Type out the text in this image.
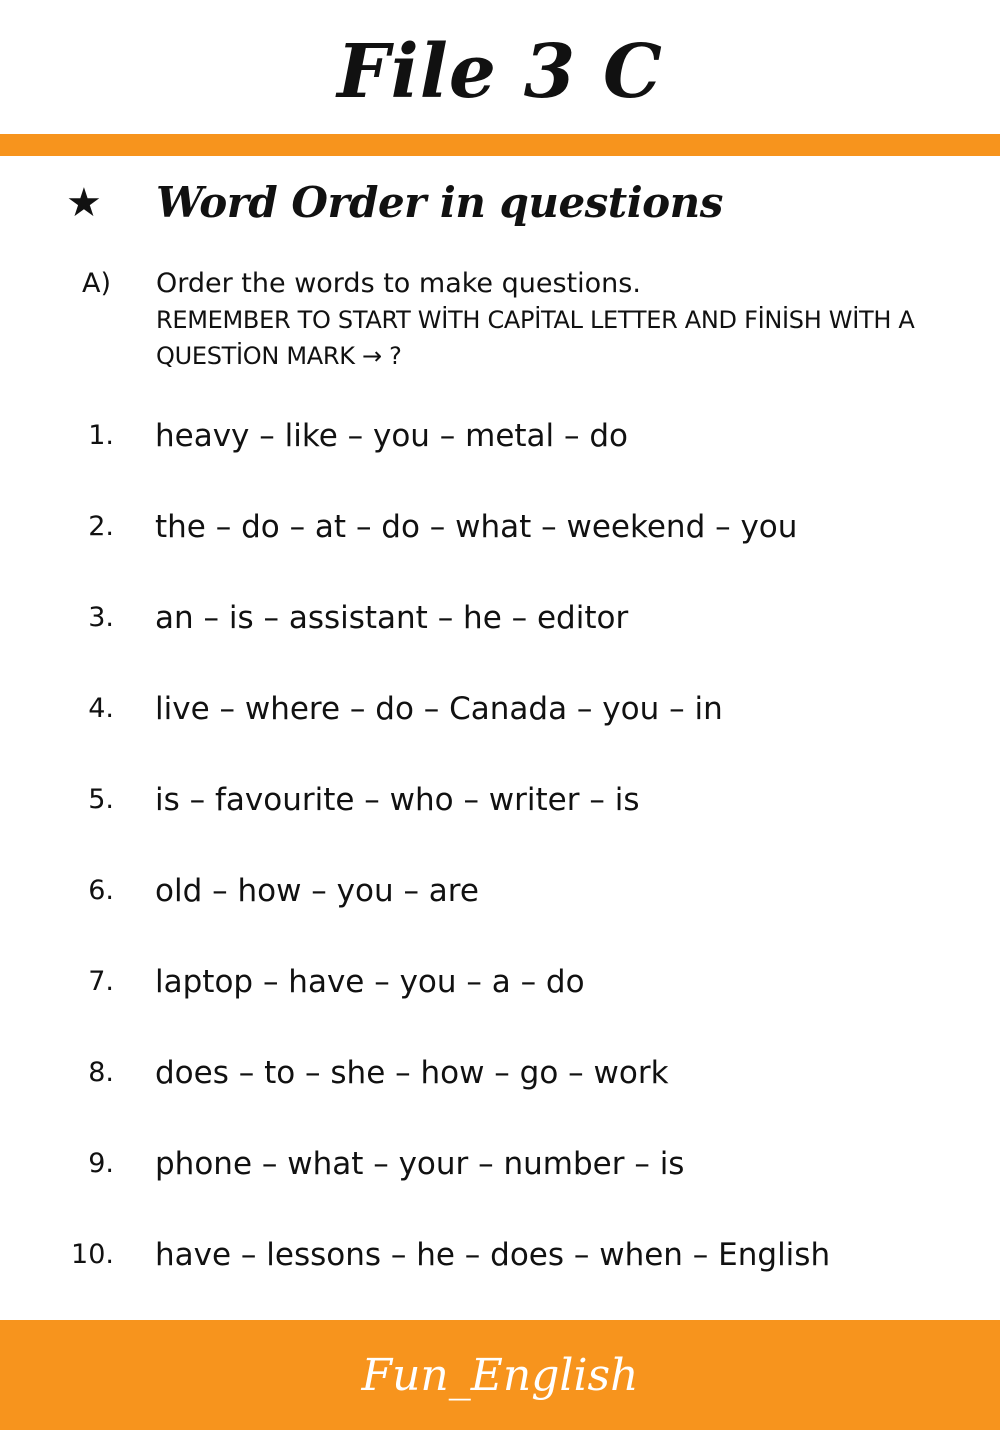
File 3 C
★	Word Order in questions
A) Order the words to make questions.
REMEMBER TO START WİTH CAPİTAL LETTER AND FİNİSH WİTH A QUESTİON MARK → ?
1. heavy – like – you – metal – do
2. the – do – at – do – what – weekend – you
3. an – is – assistant – he – editor
4. live – where – do – Canada – you – in
5. is – favourite – who – writer – is
6. old – how – you – are
7. laptop – have – you – a – do
8. does – to – she – how – go – work
9. phone – what – your – number – is
10. have – lessons – he – does – when – English
Fun_English
